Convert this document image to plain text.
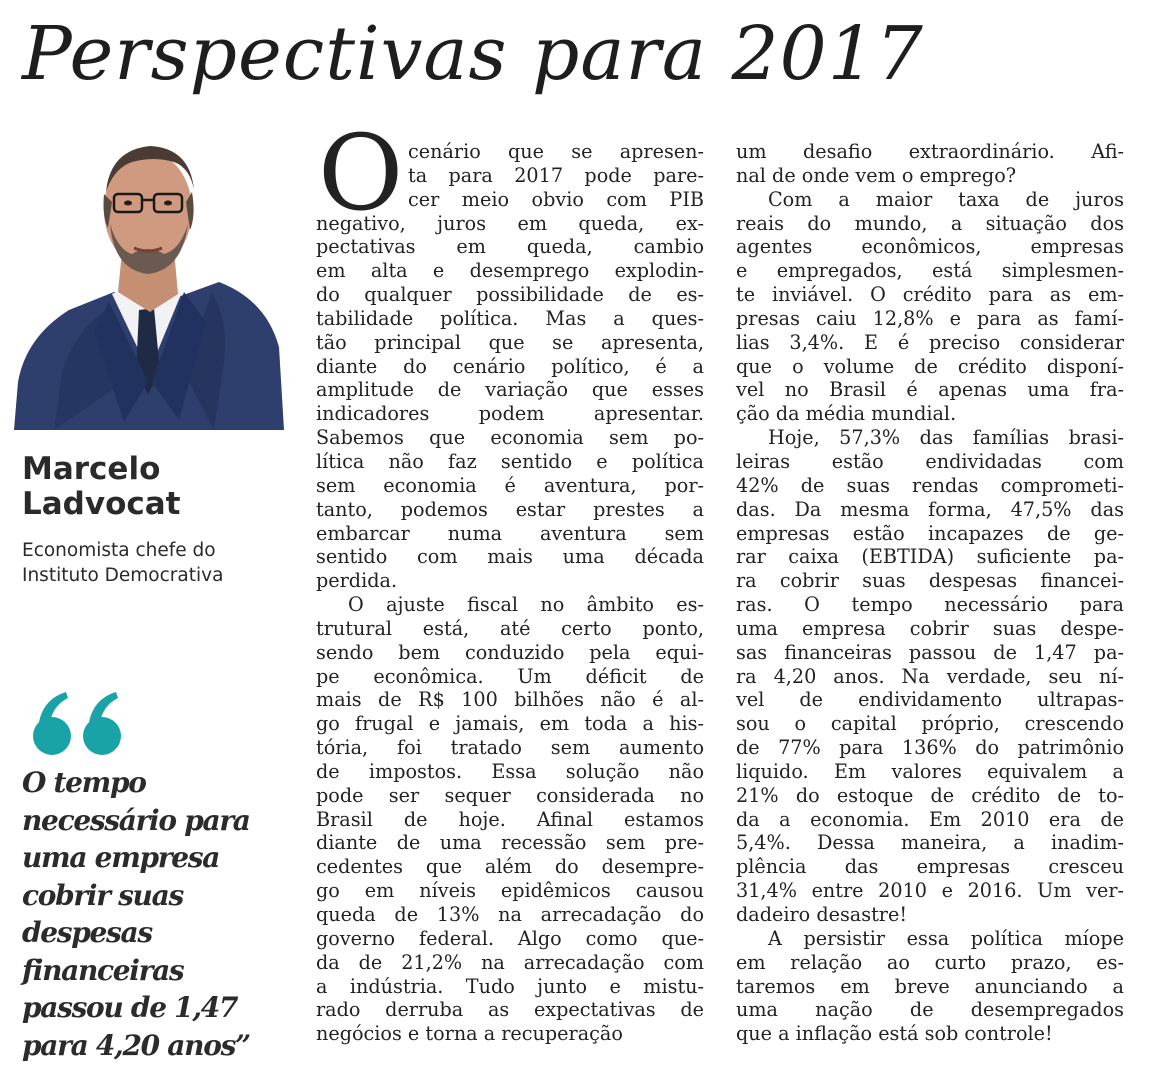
Perspectivas para 2017
Marcelo
Ladvocat
Economista chefe do
Instituto Democrativa
O tempo
necessário para
uma empresa
cobrir suas
despesas
financeiras
passou de 1,47
para 4,20 anos”
O cenário que se apresen-
ta para 2017 pode pare-
cer meio obvio com PIB
negativo, juros em queda, ex-
pectativas em queda, cambio
em alta e desemprego explodin-
do qualquer possibilidade de es-
tabilidade política. Mas a ques-
tão principal que se apresenta,
diante do cenário político, é a
amplitude de variação que esses
indicadores podem apresentar.
Sabemos que economia sem po-
lítica não faz sentido e política
sem economia é aventura, por-
tanto, podemos estar prestes a
embarcar numa aventura sem
sentido com mais uma década
perdida.

O ajuste fiscal no âmbito es-
trutural está, até certo ponto,
sendo bem conduzido pela equi-
pe econômica. Um déficit de
mais de R$ 100 bilhões não é al-
go frugal e jamais, em toda a his-
tória, foi tratado sem aumento
de impostos. Essa solução não
pode ser sequer considerada no
Brasil de hoje. Afinal estamos
diante de uma recessão sem pre-
cedentes que além do desempre-
go em níveis epidêmicos causou
queda de 13% na arrecadação do
governo federal. Algo como que-
da de 21,2% na arrecadação com
a indústria. Tudo junto e mistu-
rado derruba as expectativas de
negócios e torna a recuperação

um desafio extraordinário. Afi-
nal de onde vem o emprego?

Com a maior taxa de juros
reais do mundo, a situação dos
agentes econômicos, empresas
e empregados, está simplesmen-
te inviável. O crédito para as em-
presas caiu 12,8% e para as famí-
lias 3,4%. E é preciso considerar
que o volume de crédito disponí-
vel no Brasil é apenas uma fra-
ção da média mundial.

Hoje, 57,3% das famílias brasi-
leiras estão endividadas com
42% de suas rendas comprometi-
das. Da mesma forma, 47,5% das
empresas estão incapazes de ge-
rar caixa (EBTIDA) suficiente pa-
ra cobrir suas despesas financei-
ras. O tempo necessário para
uma empresa cobrir suas despe-
sas financeiras passou de 1,47 pa-
ra 4,20 anos. Na verdade, seu ní-
vel de endividamento ultrapas-
sou o capital próprio, crescendo
de 77% para 136% do patrimônio
liquido. Em valores equivalem a
21% do estoque de crédito de to-
da a economia. Em 2010 era de
5,4%. Dessa maneira, a inadim-
plência das empresas cresceu
31,4% entre 2010 e 2016. Um ver-
dadeiro desastre!

A persistir essa política míope
em relação ao curto prazo, es-
taremos em breve anunciando a
uma nação de desempregados
que a inflação está sob controle!
